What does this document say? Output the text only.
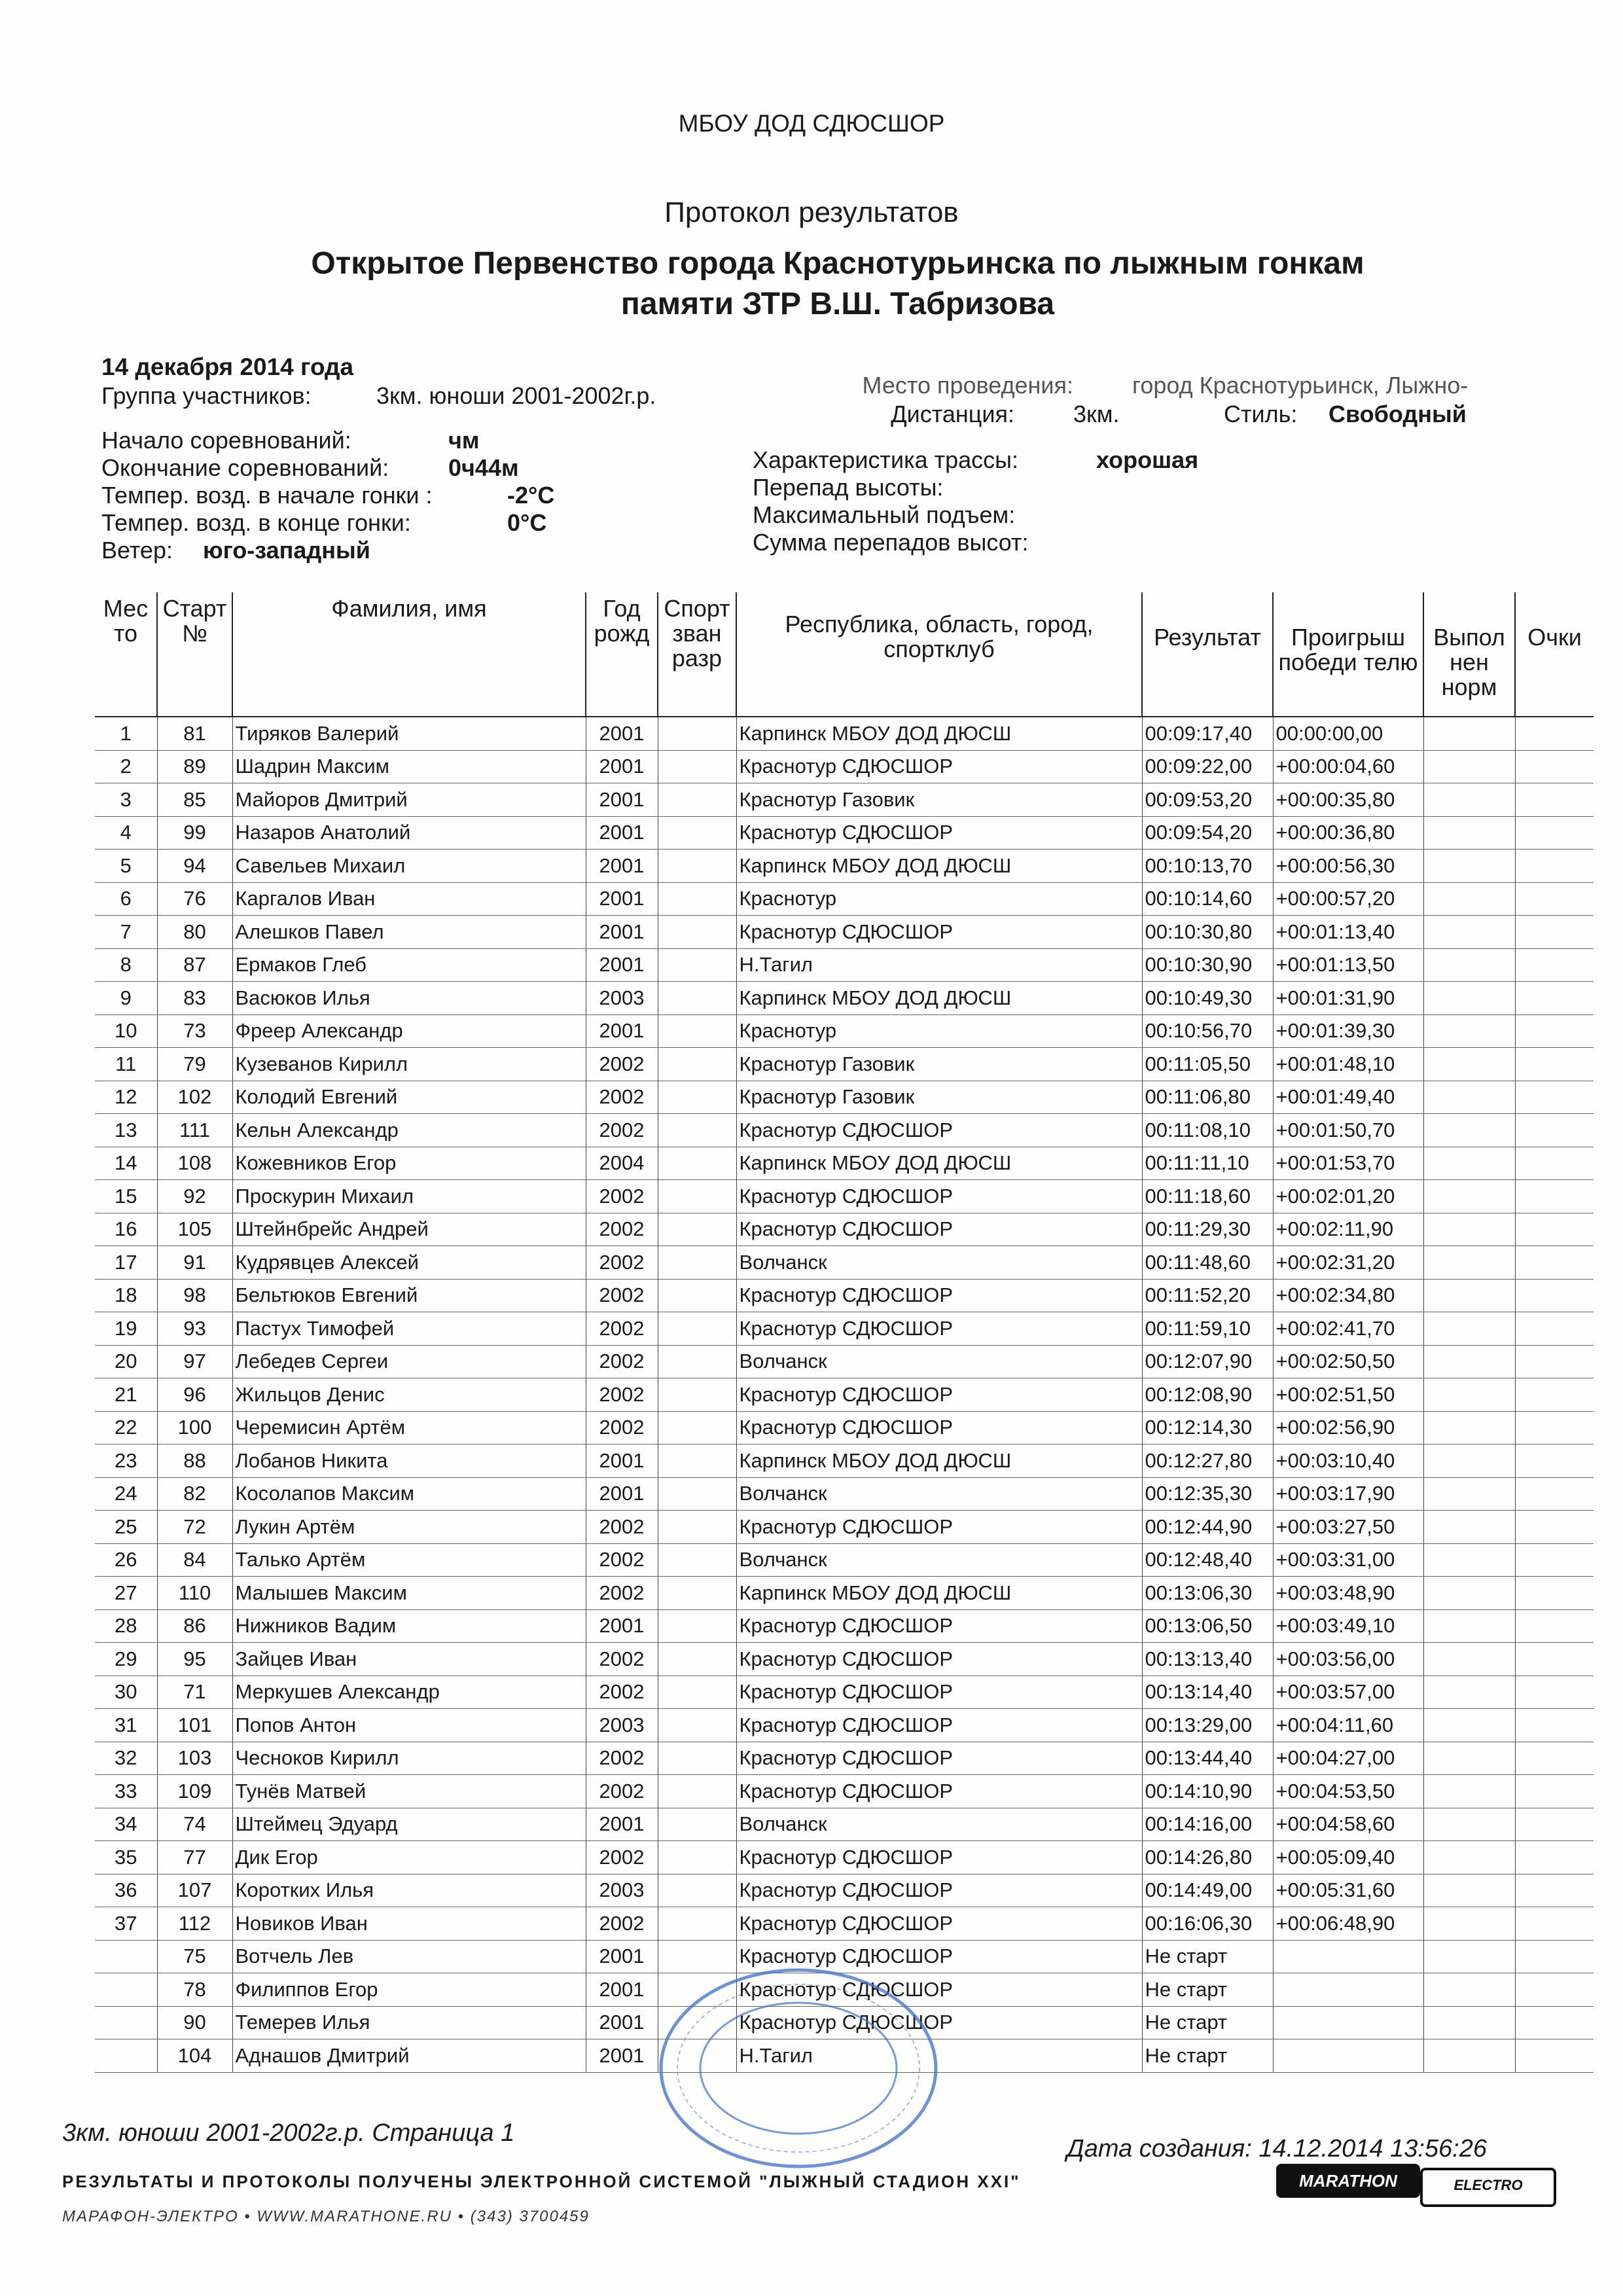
МБОУ ДОД СДЮСШОР
Протокол результатов
Открытое Первенство города Краснотурьинска по лыжным гонкам
памяти ЗТР В.Ш. Табризова
14 декабря 2014 года
Группа участников:	3км. юноши 2001-2002г.р.
Начало соревнований:	чм
Окончание соревнований:	0ч44м
Темпер. возд. в начале гонки :	-2°С
Темпер. возд. в конце гонки:	0°С
Ветер: юго-западный
Место проведения:	город Краснотурьинск, Лыжно-
Дистанция:	3км.	Стиль: Свободный
Характеристика трассы:	хорошая
Перепад высоты:
Максимальный подъем:
Сумма перепадов высот:
Мес то	Старт №	Фамилия, имя	Год рожд	Спорт зван разр	Республика, область, город, спортклуб	Результат	Проигрыш победи телю	Выпол нен норм	Очки
1	81	Тиряков Валерий	2001		Карпинск МБОУ ДОД ДЮСШ	00:09:17,40	00:00:00,00		
2	89	Шадрин Максим	2001		Краснотур СДЮСШОР	00:09:22,00	+00:00:04,60		
3	85	Майоров Дмитрий	2001		Краснотур Газовик	00:09:53,20	+00:00:35,80		
4	99	Назаров Анатолий	2001		Краснотур СДЮСШОР	00:09:54,20	+00:00:36,80		
5	94	Савельев Михаил	2001		Карпинск МБОУ ДОД ДЮСШ	00:10:13,70	+00:00:56,30		
6	76	Каргалов Иван	2001		Краснотур	00:10:14,60	+00:00:57,20		
7	80	Алешков Павел	2001		Краснотур СДЮСШОР	00:10:30,80	+00:01:13,40		
8	87	Ермаков Глеб	2001		Н.Тагил	00:10:30,90	+00:01:13,50		
9	83	Васюков Илья	2003		Карпинск МБОУ ДОД ДЮСШ	00:10:49,30	+00:01:31,90		
10	73	Фреер Александр	2001		Краснотур	00:10:56,70	+00:01:39,30		
11	79	Кузеванов Кирилл	2002		Краснотур Газовик	00:11:05,50	+00:01:48,10		
12	102	Колодий Евгений	2002		Краснотур Газовик	00:11:06,80	+00:01:49,40		
13	111	Кельн Александр	2002		Краснотур СДЮСШОР	00:11:08,10	+00:01:50,70		
14	108	Кожевников Егор	2004		Карпинск МБОУ ДОД ДЮСШ	00:11:11,10	+00:01:53,70		
15	92	Проскурин Михаил	2002		Краснотур СДЮСШОР	00:11:18,60	+00:02:01,20		
16	105	Штейнбрейс Андрей	2002		Краснотур СДЮСШОР	00:11:29,30	+00:02:11,90		
17	91	Кудрявцев Алексей	2002		Волчанск	00:11:48,60	+00:02:31,20		
18	98	Бельтюков Евгений	2002		Краснотур СДЮСШОР	00:11:52,20	+00:02:34,80		
19	93	Пастух Тимофей	2002		Краснотур СДЮСШОР	00:11:59,10	+00:02:41,70		
20	97	Лебедев Сергеи	2002		Волчанск	00:12:07,90	+00:02:50,50		
21	96	Жильцов Денис	2002		Краснотур СДЮСШОР	00:12:08,90	+00:02:51,50		
22	100	Черемисин Артём	2002		Краснотур СДЮСШОР	00:12:14,30	+00:02:56,90		
23	88	Лобанов Никита	2001		Карпинск МБОУ ДОД ДЮСШ	00:12:27,80	+00:03:10,40		
24	82	Косолапов Максим	2001		Волчанск	00:12:35,30	+00:03:17,90		
25	72	Лукин Артём	2002		Краснотур СДЮСШОР	00:12:44,90	+00:03:27,50		
26	84	Талько Артём	2002		Волчанск	00:12:48,40	+00:03:31,00		
27	110	Малышев Максим	2002		Карпинск МБОУ ДОД ДЮСШ	00:13:06,30	+00:03:48,90		
28	86	Нижников Вадим	2001		Краснотур СДЮСШОР	00:13:06,50	+00:03:49,10		
29	95	Зайцев Иван	2002		Краснотур СДЮСШОР	00:13:13,40	+00:03:56,00		
30	71	Меркушев Александр	2002		Краснотур СДЮСШОР	00:13:14,40	+00:03:57,00		
31	101	Попов Антон	2003		Краснотур СДЮСШОР	00:13:29,00	+00:04:11,60		
32	103	Чесноков Кирилл	2002		Краснотур СДЮСШОР	00:13:44,40	+00:04:27,00		
33	109	Тунёв Матвей	2002		Краснотур СДЮСШОР	00:14:10,90	+00:04:53,50		
34	74	Штеймец Эдуард	2001		Волчанск	00:14:16,00	+00:04:58,60		
35	77	Дик Егор	2002		Краснотур СДЮСШОР	00:14:26,80	+00:05:09,40		
36	107	Коротких Илья	2003		Краснотур СДЮСШОР	00:14:49,00	+00:05:31,60		
37	112	Новиков Иван	2002		Краснотур СДЮСШОР	00:16:06,30	+00:06:48,90		
	75	Вотчель Лев	2001		Краснотур СДЮСШОР	Не старт			
	78	Филиппов Егор	2001		Краснотур СДЮСШОР	Не старт			
	90	Темерев Илья	2001		Краснотур СДЮСШОР	Не старт			
	104	Аднашов Дмитрий	2001		Н.Тагил	Не старт			
3км. юноши 2001-2002г.р. Страница 1
Дата создания: 14.12.2014 13:56:26
РЕЗУЛЬТАТЫ И ПРОТОКОЛЫ ПОЛУЧЕНЫ ЭЛЕКТРОННОЙ СИСТЕМОЙ "ЛЫЖНЫЙ СТАДИОН XXI"
МАРАФОН-ЭЛЕКТРО • WWW.MARATHONE.RU • (343) 3700459
MARATHON	ELECTRO
